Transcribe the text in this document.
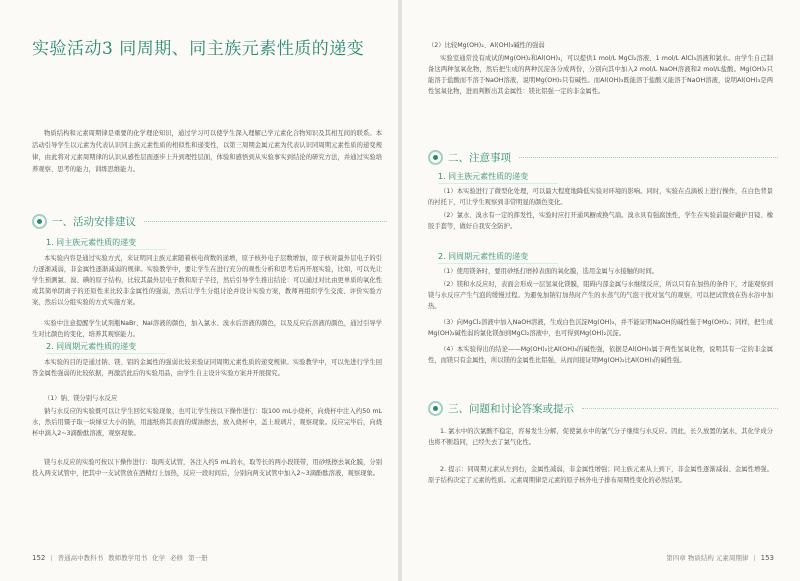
实验活动3 同周期、同主族元素性质的递变
物质结构和元素周期律是重要的化学理论知识，通过学习可以使学生深入理解已学元素化合物知识及其相互间的联系。本活动引导学生以元素为代表认识同主族元素性质的相似性和递变性，以第三周期金属元素为代表认识同周期元素性质的递变规律，由此将对元素周期律的认识从感性层面逐步上升到理性层面，体验和感悟到从实验事实到结论的研究方法，并通过实验培养观察、思考的能力，训练思维能力。
一、活动安排建议
1. 同主族元素性质的递变
本实验内容是通过实验方式，来证明同主族元素随着核电荷数的递增，原子核外电子层数增加，原子核对最外层电子的引力逐渐减弱，非金属性逐渐减弱的规律。实验教学中，要让学生在进行充分的观性分析和思考后再开展实验，比如，可以先让学生预测氯、溴、碘的原子结构，比较其最外层电子数和原子半径，然后引导学生推出结论：可以通过对比由更单质的氧化性或其简单阴离子的还原性来比较非金属性的强弱，然后让学生分组讨论并设计实验方案，教师再组织学生交流、评价实验方案，然后以分组实验的方式实施方案。
实验中注意提醒学生试剂瓶NaBr、NaI溶液的颜色，加入氯水、溴水后溶液的颜色，以及反应后溶液的颜色，通过引导学生对比颜色的变化，培养其观察能力。
2. 同周期元素性质的递变
本实验的目的是通过钠、镁、铝的金属性的强弱比较来验证同周期元素性质的递变规律。实验教学中，可以先进行学生回答金属性强弱的比较依据，再激活此后的实验用品，由学生自主设计实验方案并开展探究。
（1）钠、镁分别与水反应
钠与水反应的实验既可以让学生回忆实验现象，也可让学生按以下操作进行：取100 mL小烧杯，向烧杯中注入约50 mL水，然后用镊子取一块绿豆大小的钠，用滤纸将其表面的煤油擦去，放入烧杯中，盖上玻璃片，观察现象。反应完毕后，向烧杯中滴入2~3滴酚酞溶液，观察现象。
镁与水反应的实验可按以下操作进行：取两支试管，各注入约5 mL的水，取等长的两小段镁带，用砂纸擦去氧化膜，分别投入两支试管中，把其中一支试管放在酒精灯上加热，反应一段时间后，分别向两支试管中加入2~3滴酚酞溶液，观察现象。
152 | 普通高中教科书 教师教学用书 化学 必修 第一册
（2）比较Mg(OH)₂、Al(OH)₃碱性的强弱
实验室通常没有成试的Mg(OH)₂和Al(OH)₃，可以提供1 mol/L MgCl₂溶液、1 mol/L AlCl₃溶液和氯水。由学生自己制备这两种氢氧化物，然后把生成的两种沉淀各分成两份，分别向其中加入2 mol/L NaOH溶液和2 mol/L盐酸。Mg(OH)₂只能溶于盐酸而不溶于NaOH溶液，说明Mg(OH)₂只有碱性。而Al(OH)₃既能溶于盐酸又能溶于NaOH溶液，说明Al(OH)₃是两性氢氧化物，进而判断出其金属性：镁比铝强一定的非金属性。
二、注意事项
1. 同主族元素性质的递变
（1）本实验进行了微型化处理，可以最大程度地降低实验对环境的影响。同时，实验在点滴板上进行操作，在白色背景的衬托下，可让学生观察到非常明显的颜色变化。
（2）氯水、溴水有一定的挥发性，实验时应打开通风橱或换气扇。溴水具有强腐蚀性，学生在实验前最好戴护目镜、橡胶手套等，做好自我安全防护。
2. 同周期元素性质的递变
（1）使用镁条时，要用砂纸打磨掉表面的氧化膜，选用金属与水接触的时间。
（2）镁和水反应时，表面会形成一层氢氧化镁膜，阻碍内部金属与水继续反应，所以只有在加热的条件下，才能观察到镁与水反应产生气泡的缓慢过程。为避免加钠钉加热时产生的水蒸气的气泡干扰对氢气的观察，可以把试管放在热水浴中加热。
（3）向MgCl₂溶液中加入NaOH溶液，生成白色沉淀Mg(OH)₂，并不能证明NaOH的碱性强于Mg(OH)₂；同样，把生成Mg(OH)₂碱性弱的氯化镁加到MgCl₂溶液中，也可得到Mg(OH)₂沉淀。
（4）本实验得出的结论——Mg(OH)₂比Al(OH)₃的碱性强，依据是Al(OH)₃属于两性氢氧化物，说明其有一定的非金属性，而镁只有金属性，所以镁的金属性比铝强，从而间接证明Mg(OH)₂比Al(OH)₃的碱性强。
三、问题和讨论答案或提示
1. 氯水中的次氯酸不稳定，容易发生分解，促使氯水中的氯气分子继续与水反应。因此，长久放置的氯水，其化学成分也将不断趋同，已经失去了氯气化性。
2. 提示：同周期元素从左到右，金属性减弱，非金属性增强；同主族元素从上到下，非金属性逐渐减弱、金属性增强。原子结构决定了元素的性质。元素周期律是元素的原子核外电子排布周期性变化的必然结果。
第四章 物质结构 元素周期律 | 153
